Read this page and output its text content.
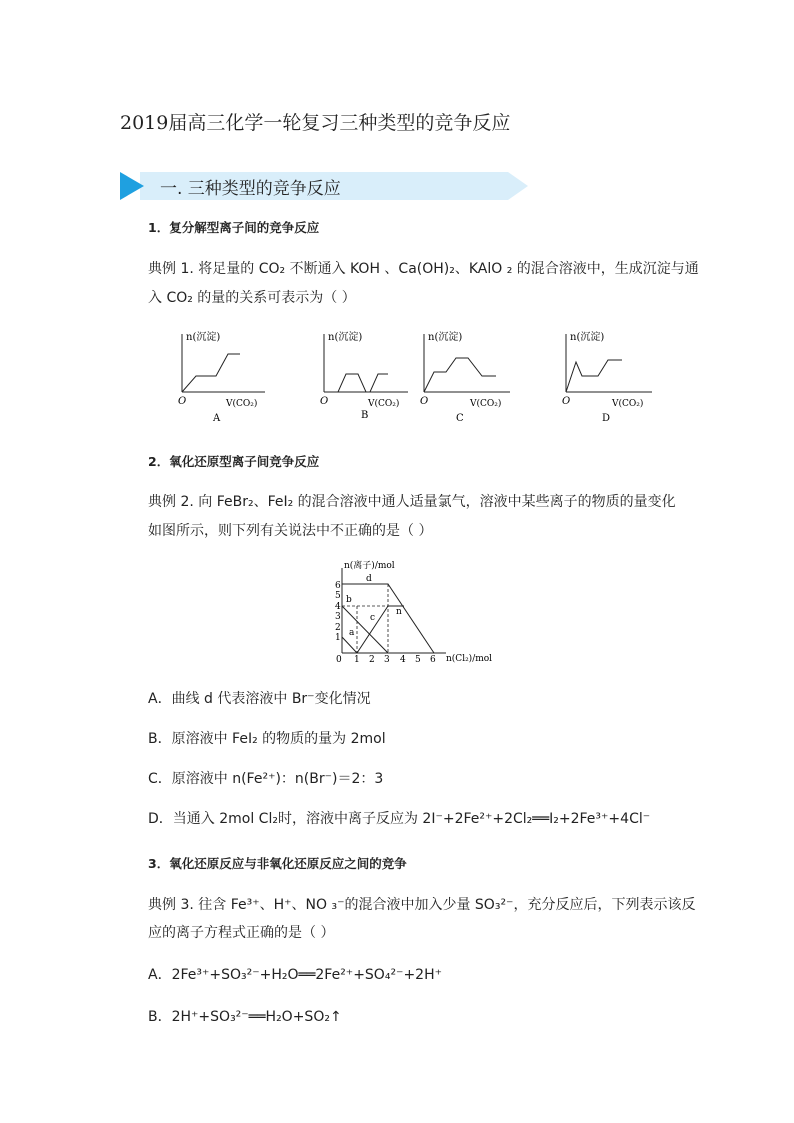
2019届高三化学一轮复习三种类型的竞争反应
一. 三种类型的竞争反应
1．复分解型离子间的竞争反应
典例 1. 将足量的 CO₂ 不断通入 KOH 、Ca(OH)₂、KAlO ₂ 的混合溶液中，生成沉淀与通
入 CO₂ 的量的关系可表示为（ ）
n(沉淀)
O	V(CO₂)
A
n(沉淀)
O	V(CO₂)
B
n(沉淀)
O	V(CO₂)
C
n(沉淀)
O	V(CO₂)
D
2．氧化还原型离子间竞争反应
典例 2. 向 FeBr₂、FeI₂ 的混合溶液中通人适量氯气，溶液中某些离子的物质的量变化
如图所示，则下列有关说法中不正确的是（ ）
1
2
3
4
5
6
0 1 2 3 4 5 6
a
b
c
d
n
n(离子)/mol
n(Cl₂)/mol
A．曲线 d 代表溶液中 Br⁻变化情况
B．原溶液中 FeI₂ 的物质的量为 2mol
C．原溶液中 n(Fe²⁺)：n(Br⁻)＝2：3
D．当通入 2mol Cl₂时，溶液中离子反应为 2I⁻+2Fe²⁺+2Cl₂══I₂+2Fe³⁺+4Cl⁻
3．氧化还原反应与非氧化还原反应之间的竞争
典例 3. 往含 Fe³⁺、H⁺、NO ₃⁻的混合液中加入少量 SO₃²⁻，充分反应后，下列表示该反
应的离子方程式正确的是（ ）
A．2Fe³⁺+SO₃²⁻+H₂O══2Fe²⁺+SO₄²⁻+2H⁺
B．2H⁺+SO₃²⁻══H₂O+SO₂↑
